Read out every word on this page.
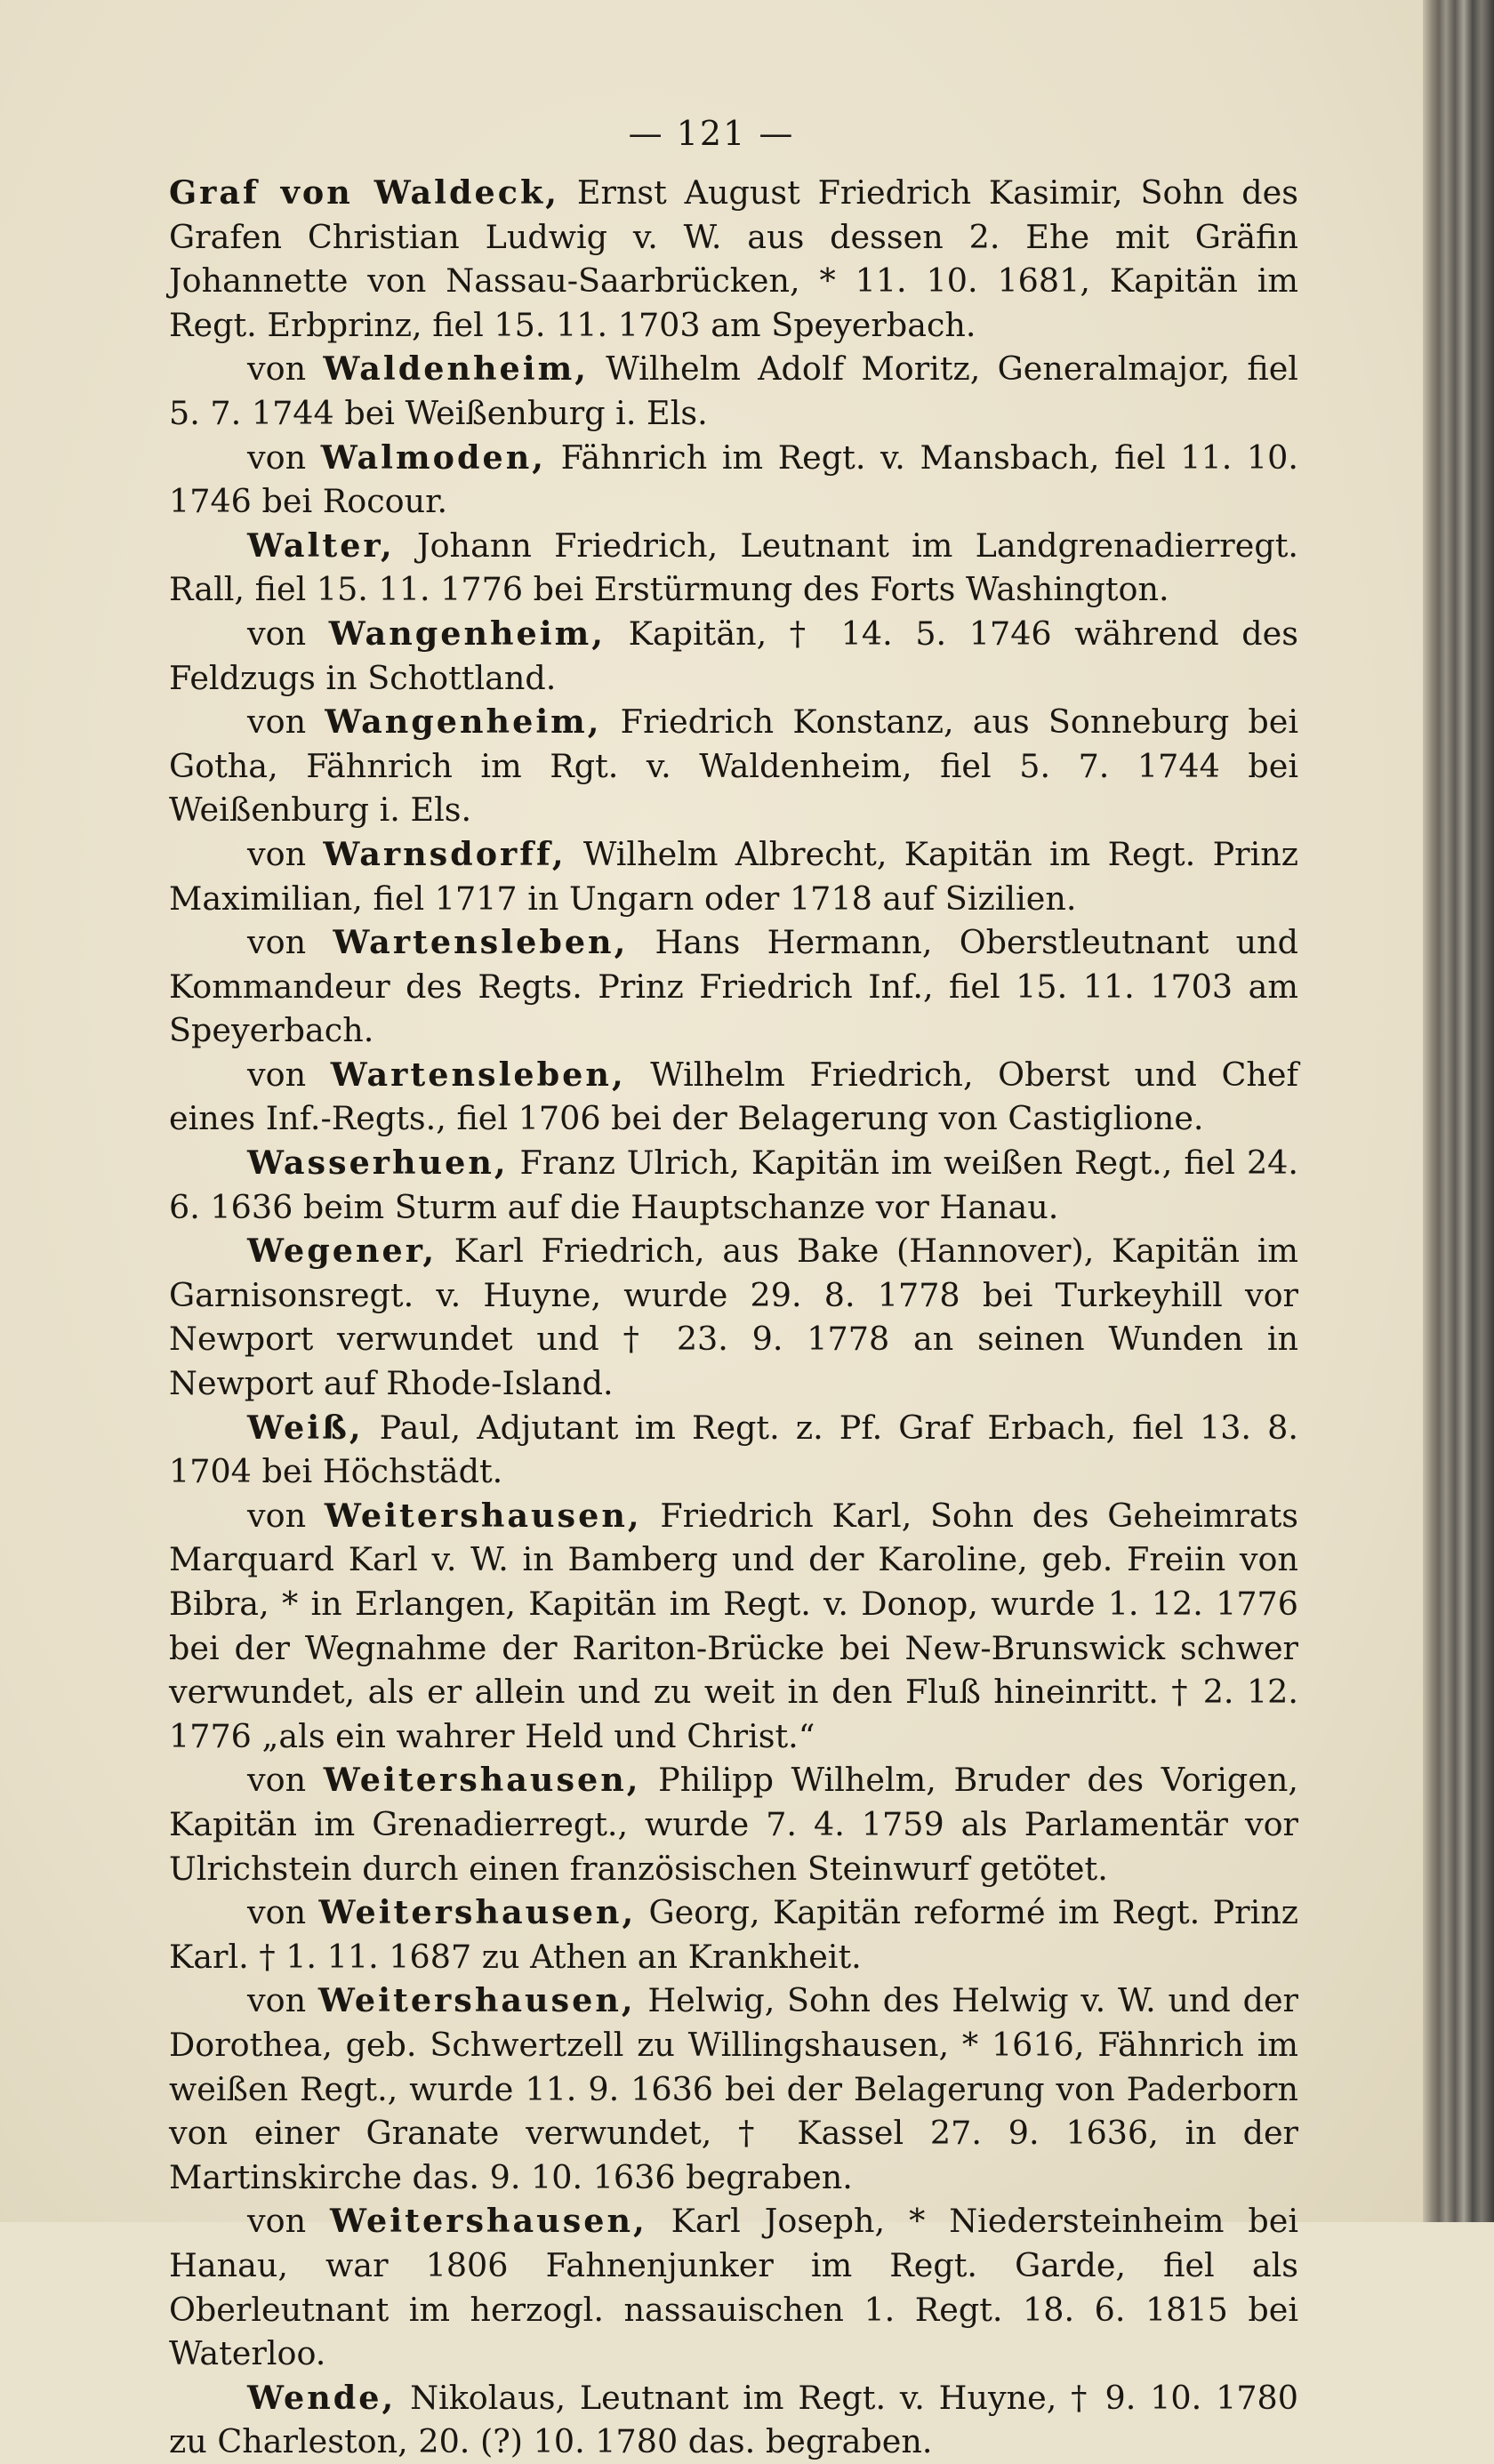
— 121 —

Graf von Waldeck, Ernst August Friedrich Kasimir, Sohn des Grafen Christian Ludwig v. W. aus dessen 2. Ehe mit Gräfin Johannette von Nassau-Saarbrücken, * 11. 10. 1681, Kapitän im Regt. Erbprinz, fiel 15. 11. 1703 am Speyerbach.

von Waldenheim, Wilhelm Adolf Moritz, Generalmajor, fiel 5. 7. 1744 bei Weißenburg i. Els.

von Walmoden, Fähnrich im Regt. v. Mansbach, fiel 11. 10. 1746 bei Rocour.

Walter, Johann Friedrich, Leutnant im Landgrenadierregt. Rall, fiel 15. 11. 1776 bei Erstürmung des Forts Washington.

von Wangenheim, Kapitän, † 14. 5. 1746 während des Feldzugs in Schottland.

von Wangenheim, Friedrich Konstanz, aus Sonneburg bei Gotha, Fähnrich im Rgt. v. Waldenheim, fiel 5. 7. 1744 bei Weißenburg i. Els.

von Warnsdorff, Wilhelm Albrecht, Kapitän im Regt. Prinz Maximilian, fiel 1717 in Ungarn oder 1718 auf Sizilien.

von Wartensleben, Hans Hermann, Oberstleutnant und Kommandeur des Regts. Prinz Friedrich Inf., fiel 15. 11. 1703 am Speyerbach.

von Wartensleben, Wilhelm Friedrich, Oberst und Chef eines Inf.-Regts., fiel 1706 bei der Belagerung von Castiglione.

Wasserhuen, Franz Ulrich, Kapitän im weißen Regt., fiel 24. 6. 1636 beim Sturm auf die Hauptschanze vor Hanau.

Wegener, Karl Friedrich, aus Bake (Hannover), Kapitän im Garnisonsregt. v. Huyne, wurde 29. 8. 1778 bei Turkeyhill vor Newport verwundet und † 23. 9. 1778 an seinen Wunden in Newport auf Rhode-Island.

Weiß, Paul, Adjutant im Regt. z. Pf. Graf Erbach, fiel 13. 8. 1704 bei Höchstädt.

von Weitershausen, Friedrich Karl, Sohn des Geheimrats Marquard Karl v. W. in Bamberg und der Karoline, geb. Freiin von Bibra, * in Erlangen, Kapitän im Regt. v. Donop, wurde 1. 12. 1776 bei der Wegnahme der Rariton-Brücke bei New-Brunswick schwer verwundet, als er allein und zu weit in den Fluß hineinritt. † 2. 12. 1776 „als ein wahrer Held und Christ.“

von Weitershausen, Philipp Wilhelm, Bruder des Vorigen, Kapitän im Grenadierregt., wurde 7. 4. 1759 als Parlamentär vor Ulrichstein durch einen französischen Steinwurf getötet.

von Weitershausen, Georg, Kapitän reformé im Regt. Prinz Karl. † 1. 11. 1687 zu Athen an Krankheit.

von Weitershausen, Helwig, Sohn des Helwig v. W. und der Dorothea, geb. Schwertzell zu Willingshausen, * 1616, Fähnrich im weißen Regt., wurde 11. 9. 1636 bei der Belagerung von Paderborn von einer Granate verwundet, † Kassel 27. 9. 1636, in der Martinskirche das. 9. 10. 1636 begraben.

von Weitershausen, Karl Joseph, * Niedersteinheim bei Hanau, war 1806 Fahnenjunker im Regt. Garde, fiel als Oberleutnant im herzogl. nassauischen 1. Regt. 18. 6. 1815 bei Waterloo.

Wende, Nikolaus, Leutnant im Regt. v. Huyne, † 9. 10. 1780 zu Charleston, 20. (?) 10. 1780 das. begraben.
